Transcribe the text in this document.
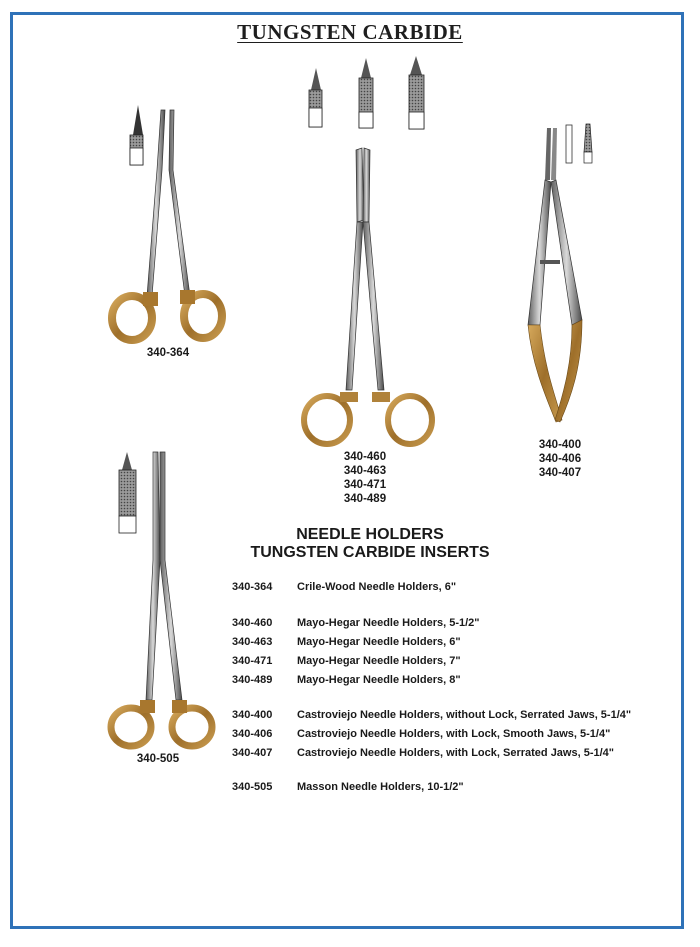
TUNGSTEN CARBIDE
340-364
340-460
340-463
340-471
340-489
340-400
340-406
340-407
340-505
NEEDLE HOLDERS
TUNGSTEN CARBIDE INSERTS
340-364 Crile-Wood Needle Holders, 6"
340-460 Mayo-Hegar Needle Holders, 5-1/2"
340-463 Mayo-Hegar Needle Holders, 6"
340-471 Mayo-Hegar Needle Holders, 7"
340-489 Mayo-Hegar Needle Holders, 8"
340-400 Castroviejo Needle Holders, without Lock, Serrated Jaws, 5-1/4"
340-406 Castroviejo Needle Holders, with Lock, Smooth Jaws, 5-1/4"
340-407 Castroviejo Needle Holders, with Lock, Serrated Jaws, 5-1/4"
340-505 Masson Needle Holders, 10-1/2"
